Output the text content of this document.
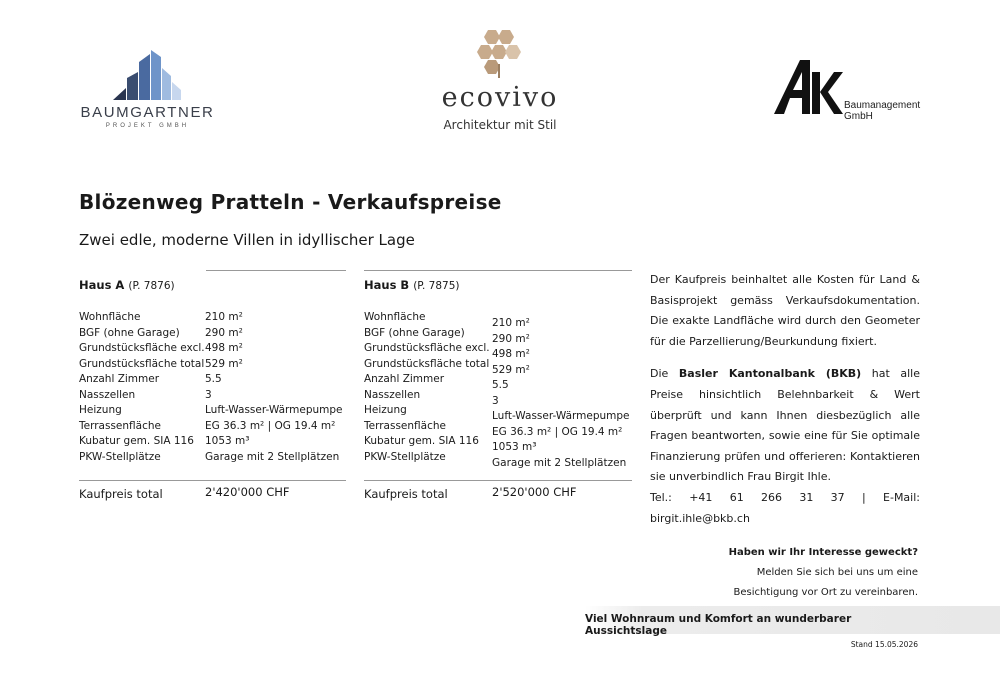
BAUMGARTNER
PROJEKT GMBH
ecovivo
Architektur mit Stil
Baumanagement GmbH
Blözenweg Pratteln - Verkaufspreise
Zwei edle, moderne Villen in idyllischer Lage
Haus A (P. 7876)
Wohnfläche	210 m²
BGF (ohne Garage) 290 m²
Grundstücksfläche excl. 498 m²
Grundstücksfläche total 529 m²
Anzahl Zimmer	5.5
Nasszellen	3
Heizung	Luft-Wasser-Wärmepumpe
Terrassenfläche	EG 36.3 m² | OG 19.4 m²
Kubatur gem. SIA 116 1053 m³
PKW-Stellplätze	Garage mit 2 Stellplätzen
Kaufpreis total	2'420'000 CHF
Haus B (P. 7875)
Wohnfläche	210 m²
BGF (ohne Garage)	290 m²
Grundstücksfläche excl. 498 m²
Grundstücksfläche total 529 m²
Anzahl Zimmer	5.5
Nasszellen	3
Heizung	Luft-Wasser-Wärmepumpe
Terrassenfläche	EG 36.3 m² | OG 19.4 m²
Kubatur gem. SIA 116 1053 m³
PKW-Stellplätze	Garage mit 2 Stellplätzen
Kaufpreis total	2'520'000 CHF

Der Kaufpreis beinhaltet alle Kosten für Land & Basisprojekt gemäss Verkaufsdokumentation. Die exakte Landfläche wird durch den Geometer für die Parzellierung/Beurkundung fixiert.

Die Basler Kantonalbank (BKB) hat alle Preise hinsichtlich Belehnbarkeit & Wert überprüft und kann Ihnen diesbezüglich alle Fragen beantworten, sowie eine für Sie optimale Finanzierung prüfen und offerieren: Kontaktieren sie unverbindlich Frau Birgit Ihle.

Tel.: +41 61 266 31 37 | E-Mail: birgit.ihle@bkb.ch

Haben wir Ihr Interesse geweckt?
Melden Sie sich bei uns um eine
Besichtigung vor Ort zu vereinbaren.
Viel Wohnraum und Komfort an wunderbarer Aussichtslage
Stand 15.05.2026
